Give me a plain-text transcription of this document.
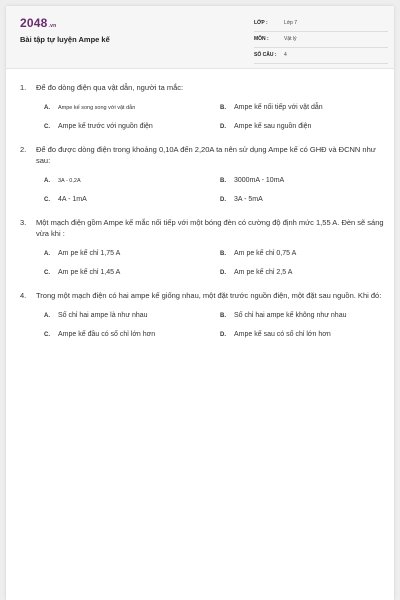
2048.vn
Bài tập tự luyện Ampe kế
LỚP :	Lớp 7
MÔN :	Vật lý
SỐ CÂU : 4
1.	Để đo dòng điện qua vật dẫn, người ta mắc:
A.	Ampe kế song song với vật dẫn	B.	Ampe kế nối tiếp với vật dẫn
C.	Ampe kế trước với nguồn điện	D.	Ampe kế sau nguồn điện
2.	Để đo được dòng điện trong khoảng 0,10A đến 2,20A ta nên sử dụng Ampe kế có GHĐ và ĐCNN như sau:
A.	3A - 0,2A	B.	3000mA - 10mA
C.	4A - 1mA	D.	3A - 5mA
3.	Một mạch điện gồm Ampe kế mắc nối tiếp với một bóng đèn có cường độ định mức 1,55 A. Đèn sẽ sáng vừa khi :
A.	Am pe kế chỉ 1,75 A	B.	Am pe kế chỉ 0,75 A
C.	Am pe kế chỉ 1,45 A	D.	Am pe kế chỉ 2,5 A
4.	Trong một mạch điện có hai ampe kế giống nhau, một đặt trước nguồn điện, một đặt sau nguồn. Khi đó:
A.	Số chỉ hai ampe là như nhau	B.	Số chỉ hai ampe kế không như nhau
C.	Ampe kế đầu có số chỉ lớn hơn	D.	Ampe kế sau có số chỉ lớn hơn
